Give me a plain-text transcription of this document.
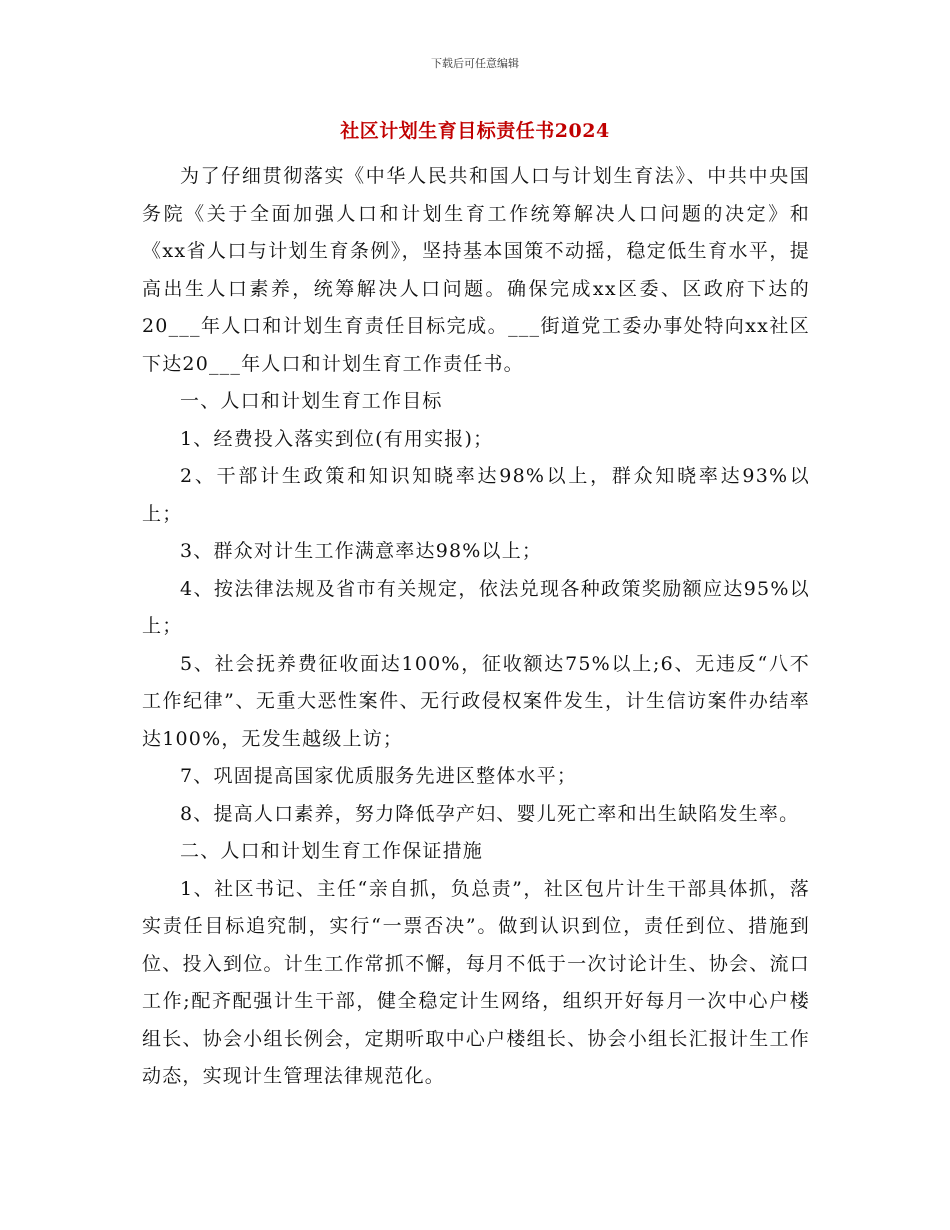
下载后可任意编辑
社区计划生育目标责任书2024

为了仔细贯彻落实《中华人民共和国人口与计划生育法》、中共中央国务院《关于全面加强人口和计划生育工作统筹解决人口问题的决定》和《xx省人口与计划生育条例》，坚持基本国策不动摇，稳定低生育水平，提高出生人口素养，统筹解决人口问题。确保完成xx区委、区政府下达的20___年人口和计划生育责任目标完成。___街道党工委办事处特向xx社区下达20___年人口和计划生育工作责任书。

一、人口和计划生育工作目标

1、经费投入落实到位(有用实报)；

2、干部计生政策和知识知晓率达98%以上，群众知晓率达93%以上；

3、群众对计生工作满意率达98%以上；

4、按法律法规及省市有关规定，依法兑现各种政策奖励额应达95%以上；

5、社会抚养费征收面达100%，征收额达75%以上;6、无违反“八不工作纪律”、无重大恶性案件、无行政侵权案件发生，计生信访案件办结率达100%，无发生越级上访；

7、巩固提高国家优质服务先进区整体水平；

8、提高人口素养，努力降低孕产妇、婴儿死亡率和出生缺陷发生率。

二、人口和计划生育工作保证措施

1、社区书记、主任“亲自抓，负总责”，社区包片计生干部具体抓，落实责任目标追究制，实行“一票否决”。做到认识到位，责任到位、措施到位、投入到位。计生工作常抓不懈，每月不低于一次讨论计生、协会、流口工作;配齐配强计生干部，健全稳定计生网络，组织开好每月一次中心户楼组长、协会小组长例会，定期听取中心户楼组长、协会小组长汇报计生工作动态，实现计生管理法律规范化。
